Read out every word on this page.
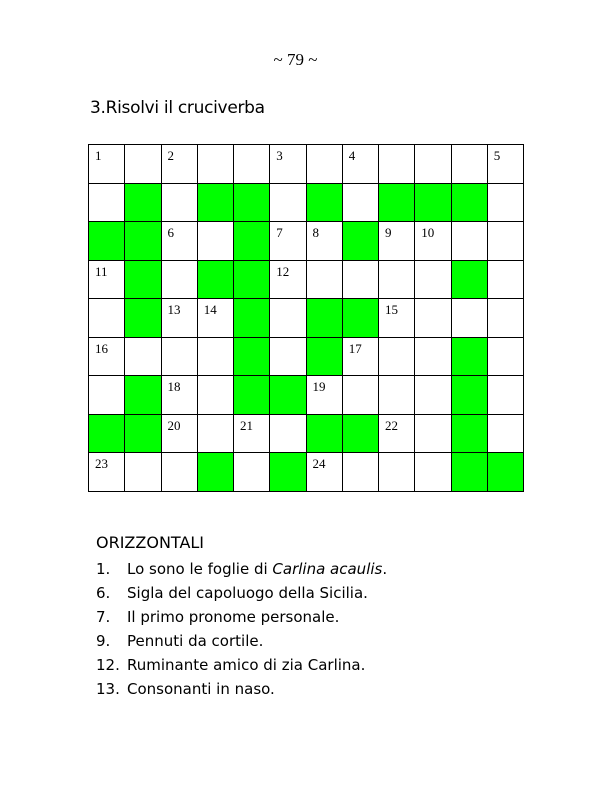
~ 79 ~
3.Risolvi il cruciverba
1	2	3	4	5
6	7 8	9 10
11	12
13 14	15
16	17
18	19
20	21	22
23	24
ORIZZONTALI
1. Lo sono le foglie di Carlina acaulis.
6. Sigla del capoluogo della Sicilia.
7. Il primo pronome personale.
9. Pennuti da cortile.
12. Ruminante amico di zia Carlina.
13. Consonanti in naso.
